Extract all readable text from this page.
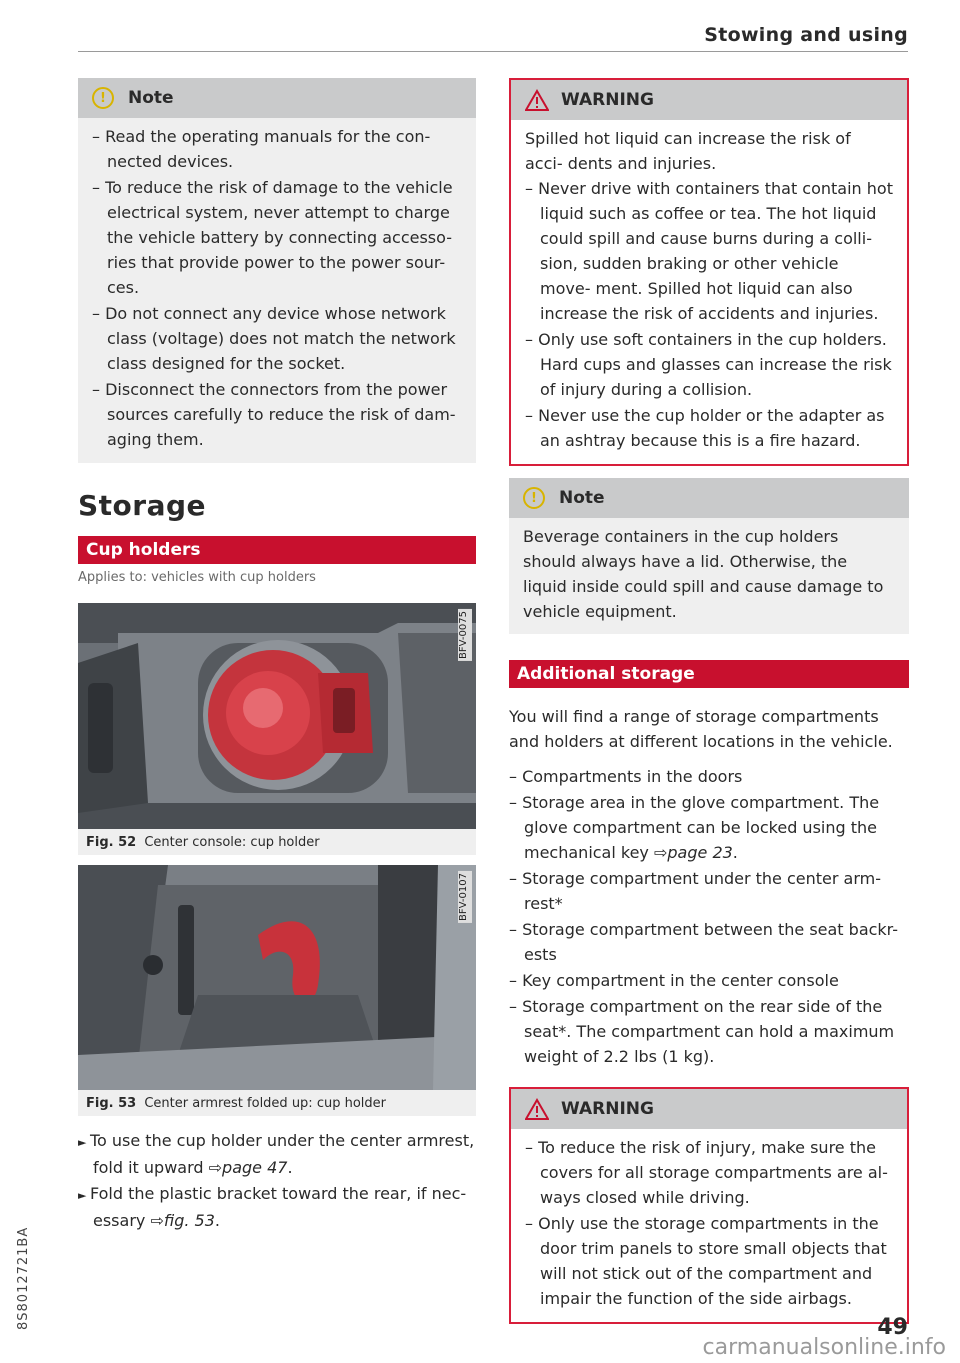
Stowing and using
8S8012721BA
!	Note
– Read the operating manuals for the con- nected devices.
– To reduce the risk of damage to the vehicle electrical system, never attempt to charge the vehicle battery by connecting accesso- ries that provide power to the power sour- ces.
– Do not connect any device whose network class (voltage) does not match the network class designed for the socket.
– Disconnect the connectors from the power sources carefully to reduce the risk of dam- aging them.
Storage
Cup holders
Applies to: vehicles with cup holders
BFV-0075
Fig. 52 Center console: cup holder
BFV-0107
Fig. 53 Center armrest folded up: cup holder
► To use the cup holder under the center armrest, fold it upward ⇨page 47.
► Fold the plastic bracket toward the rear, if nec- essary ⇨fig. 53.
WARNING
Spilled hot liquid can increase the risk of acci- dents and injuries.
– Never drive with containers that contain hot liquid such as coffee or tea. The hot liquid could spill and cause burns during a colli- sion, sudden braking or other vehicle move- ment. Spilled hot liquid can also increase the risk of accidents and injuries.
– Only use soft containers in the cup holders. Hard cups and glasses can increase the risk of injury during a collision.
– Never use the cup holder or the adapter as an ashtray because this is a fire hazard.
!	Note
Beverage containers in the cup holders should always have a lid. Otherwise, the liquid inside could spill and cause damage to vehicle equipment.
Additional storage
You will find a range of storage compartments and holders at different locations in the vehicle.
– Compartments in the doors
– Storage area in the glove compartment. The glove compartment can be locked using the mechanical key ⇨page 23.
– Storage compartment under the center arm- rest*
– Storage compartment between the seat backr- ests
– Key compartment in the center console
– Storage compartment on the rear side of the seat*. The compartment can hold a maximum weight of 2.2 lbs (1 kg).
WARNING
– To reduce the risk of injury, make sure the covers for all storage compartments are al- ways closed while driving.
– Only use the storage compartments in the door trim panels to store small objects that will not stick out of the compartment and impair the function of the side airbags.
49
carmanualsonline.info
